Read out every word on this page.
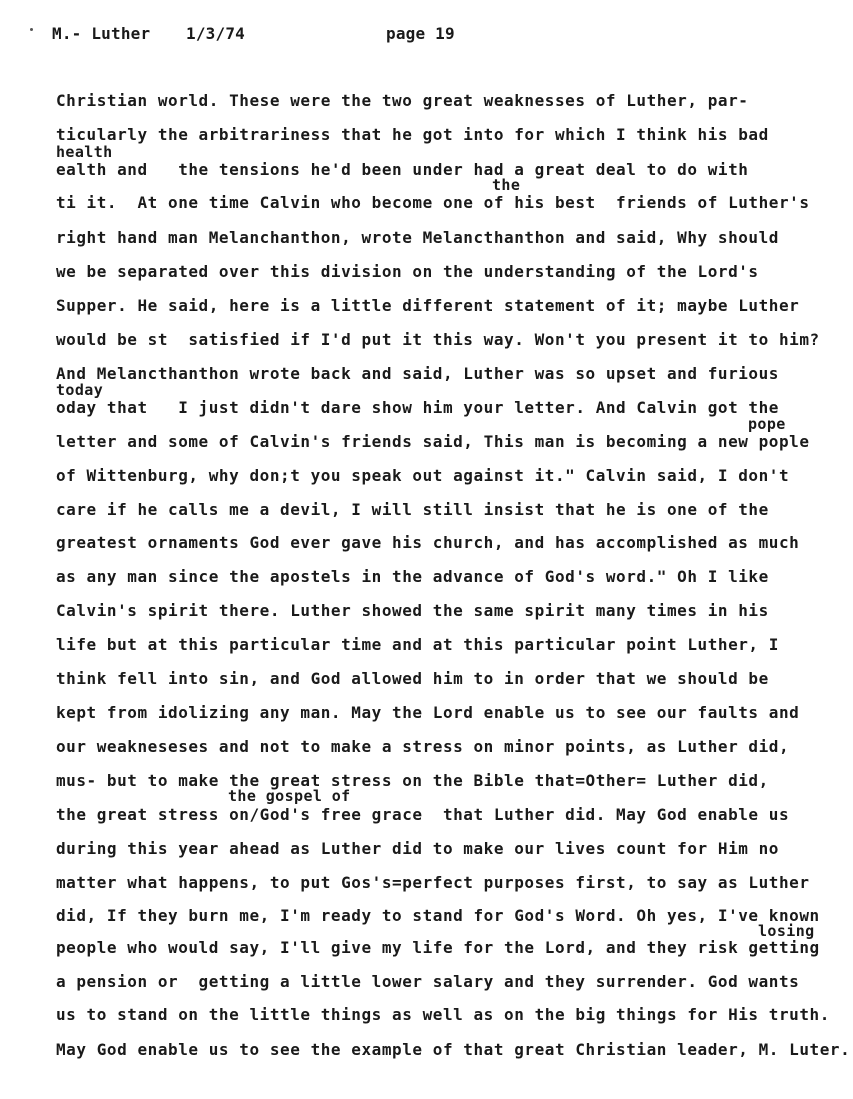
M.- Luther 1/3/74	page 19
Christian world. These were the two great weaknesses of Luther, par-
ticularly the arbitrariness that he got into for which I think his bad
health
ealth and   the tensions he'd been under had a great deal to do with
the
ti it.  At one time Calvin who become one of his best  friends of Luther's
right hand man Melanchanthon, wrote Melancthanthon and said, Why should
we be separated over this division on the understanding of the Lord's
Supper. He said, here is a little different statement of it; maybe Luther
would be st  satisfied if I'd put it this way. Won't you present it to him?
And Melancthanthon wrote back and said, Luther was so upset and furious
today
oday that   I just didn't dare show him your letter. And Calvin got the
pope
letter and some of Calvin's friends said, This man is becoming a new pople
of Wittenburg, why don;t you speak out against it." Calvin said, I don't
care if he calls me a devil, I will still insist that he is one of the
greatest ornaments God ever gave his church, and has accomplished as much
as any man since the apostels in the advance of God's word." Oh I like
Calvin's spirit there. Luther showed the same spirit many times in his
life but at this particular time and at this particular point Luther, I
think fell into sin, and God allowed him to in order that we should be
kept from idolizing any man. May the Lord enable us to see our faults and
our weakneseses and not to make a stress on minor points, as Luther did,
mus- but to make the great stress on the Bible that=Other= Luther did,
the gospel of
the great stress on/God's free grace  that Luther did. May God enable us
during this year ahead as Luther did to make our lives count for Him no
matter what happens, to put Gos's=perfect purposes first, to say as Luther
did, If they burn me, I'm ready to stand for God's Word. Oh yes, I've known
losing
people who would say, I'll give my life for the Lord, and they risk getting
a pension or  getting a little lower salary and they surrender. God wants
us to stand on the little things as well as on the big things for His truth.
May God enable us to see the example of that great Christian leader, M. Luter.
